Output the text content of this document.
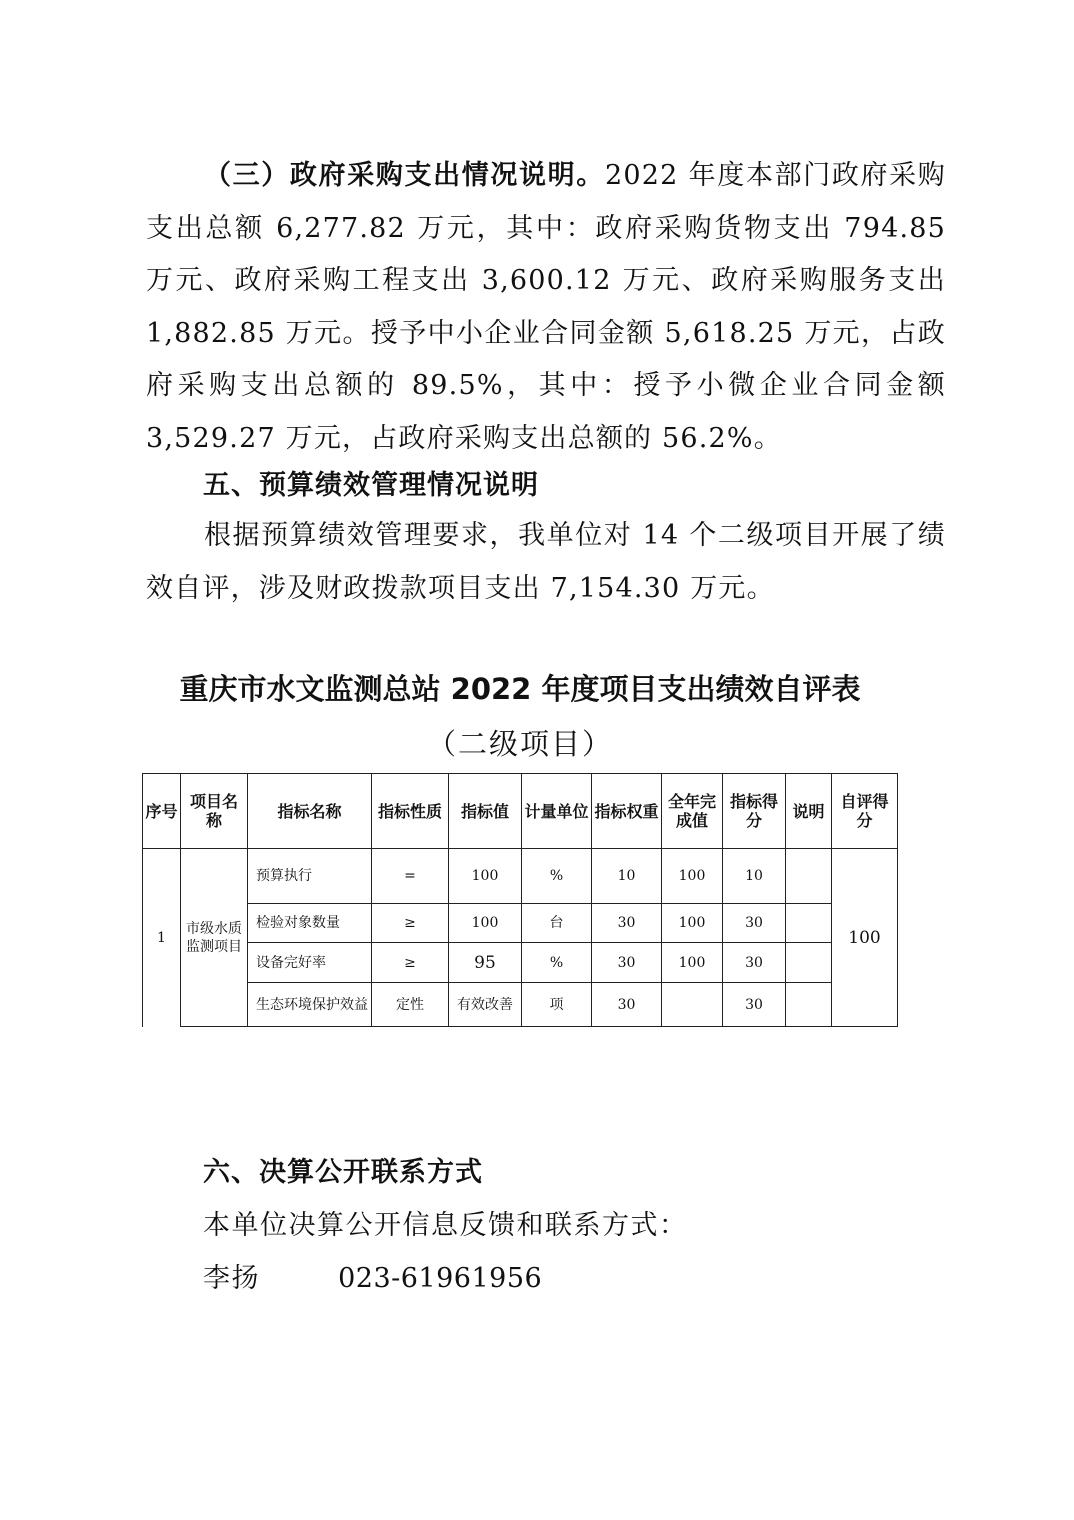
（三）政府采购支出情况说明。2022 年度本部门政府采购支出总额 6,277.82 万元，其中：政府采购货物支出 794.85 万元、政府采购工程支出 3,600.12 万元、政府采购服务支出 1,882.85 万元。授予中小企业合同金额 5,618.25 万元，占政府采购支出总额的 89.5%，其中：授予小微企业合同金额 3,529.27 万元，占政府采购支出总额的 56.2%。

五、预算绩效管理情况说明

根据预算绩效管理要求，我单位对 14 个二级项目开展了绩效自评，涉及财政拨款项目支出 7,154.30 万元。

重庆市水文监测总站 2022 年度项目支出绩效自评表

（二级项目）

序号	项目名称	指标名称	指标性质	指标值	计量单位	指标权重	全年完成值	指标得分	说明	自评得分
1	市级水质监测项目	预算执行	=	100	%	10	100	10		100
		检验对象数量	≥	100	台	30	100	30		
		设备完好率	≥	95	%	30	100	30		
		生态环境保护效益	定性	有效改善	项	30		30		

六、决算公开联系方式

本单位决算公开信息反馈和联系方式：

李扬	023-61961956
